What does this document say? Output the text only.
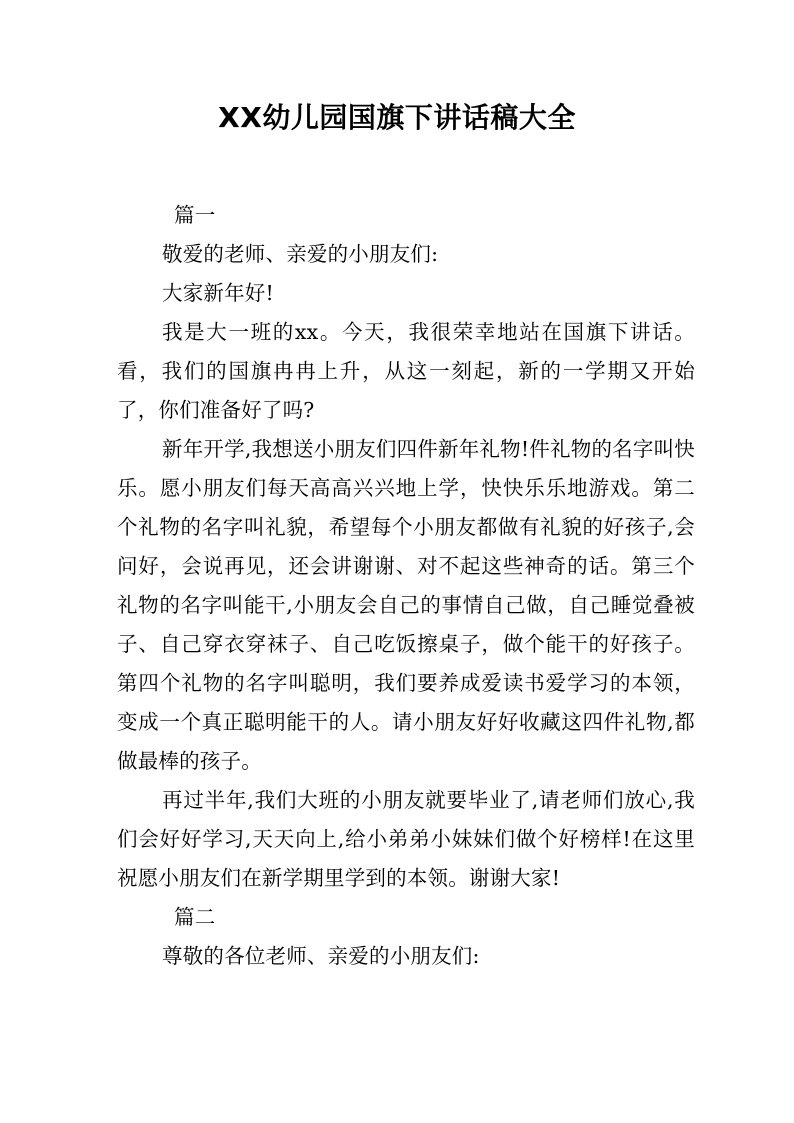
XX幼儿园国旗下讲话稿大全

篇一

敬爱的老师、亲爱的小朋友们:

大家新年好!

我是大一班的xx。今天，我很荣幸地站在国旗下讲话。看，我们的国旗冉冉上升，从这一刻起，新的一学期又开始了，你们准备好了吗?

新年开学,我想送小朋友们四件新年礼物!件礼物的名字叫快乐。愿小朋友们每天高高兴兴地上学，快快乐乐地游戏。第二个礼物的名字叫礼貌，希望每个小朋友都做有礼貌的好孩子,会问好，会说再见，还会讲谢谢、对不起这些神奇的话。第三个礼物的名字叫能干,小朋友会自己的事情自己做，自己睡觉叠被子、自己穿衣穿袜子、自己吃饭擦桌子，做个能干的好孩子。第四个礼物的名字叫聪明，我们要养成爱读书爱学习的本领，变成一个真正聪明能干的人。请小朋友好好收藏这四件礼物,都做最棒的孩子。

再过半年,我们大班的小朋友就要毕业了,请老师们放心,我们会好好学习,天天向上,给小弟弟小妹妹们做个好榜样!在这里祝愿小朋友们在新学期里学到的本领。谢谢大家!

篇二

尊敬的各位老师、亲爱的小朋友们:
